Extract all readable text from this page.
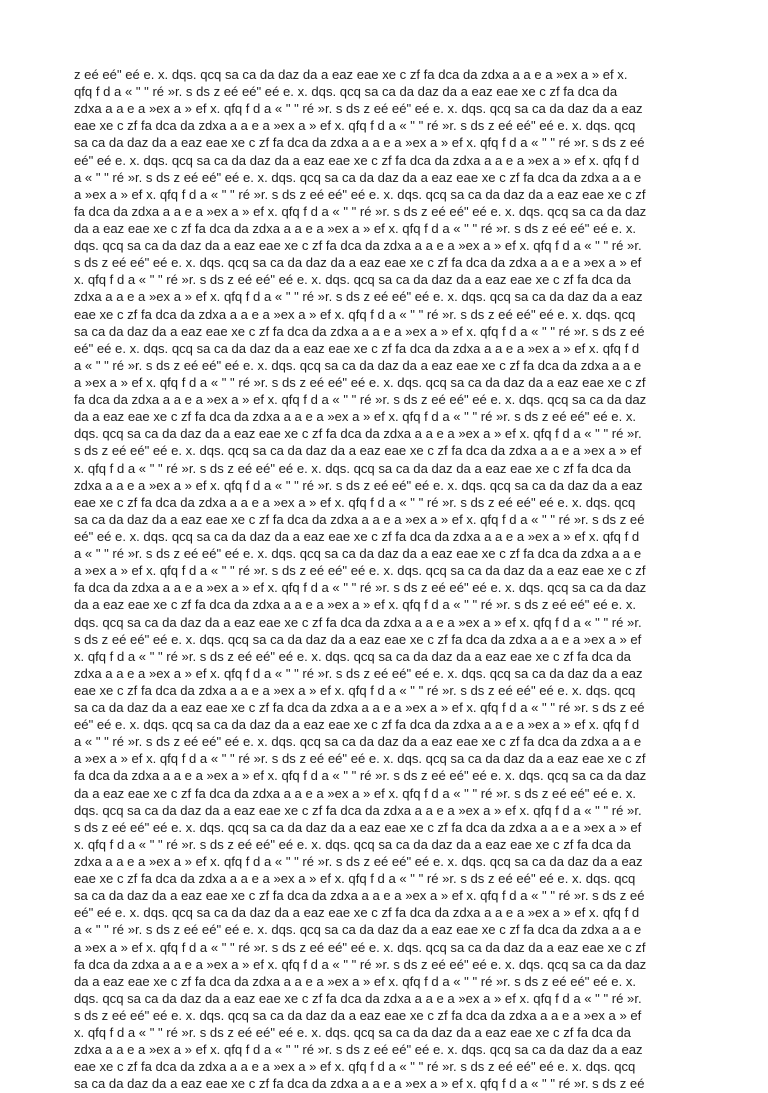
z eé eé" eé e. x. dqs. qcq sa ca da daz da a eaz eae xe c zf fa dca da zdxa a a e a »ex a » ef x.
qfq f d a « " " ré »r. s ds z eé eé" eé e. x. dqs. qcq sa ca da daz da a eaz eae xe c zf fa dca da
zdxa a a e a »ex a » ef x. qfq f d a « " " ré »r. s ds z eé eé" eé e. x. dqs. qcq sa ca da daz da a eaz
eae xe c zf fa dca da zdxa a a e a »ex a » ef x. qfq f d a « " " ré »r. s ds z eé eé" eé e. x. dqs. qcq
sa ca da daz da a eaz eae xe c zf fa dca da zdxa a a e a »ex a » ef x. qfq f d a « " " ré »r. s ds z eé
eé" eé e. x. dqs. qcq sa ca da daz da a eaz eae xe c zf fa dca da zdxa a a e a »ex a » ef x. qfq f d
a « " " ré »r. s ds z eé eé" eé e. x. dqs. qcq sa ca da daz da a eaz eae xe c zf fa dca da zdxa a a e
a »ex a » ef x. qfq f d a « " " ré »r. s ds z eé eé" eé e. x. dqs. qcq sa ca da daz da a eaz eae xe c zf
fa dca da zdxa a a e a »ex a » ef x. qfq f d a « " " ré »r. s ds z eé eé" eé e. x. dqs. qcq sa ca da daz
da a eaz eae xe c zf fa dca da zdxa a a e a »ex a » ef x. qfq f d a « " " ré »r. s ds z eé eé" eé e. x.
dqs. qcq sa ca da daz da a eaz eae xe c zf fa dca da zdxa a a e a »ex a » ef x. qfq f d a « " " ré »r.
s ds z eé eé" eé e. x. dqs. qcq sa ca da daz da a eaz eae xe c zf fa dca da zdxa a a e a »ex a » ef
x. qfq f d a « " " ré »r. s ds z eé eé" eé e. x. dqs. qcq sa ca da daz da a eaz eae xe c zf fa dca da
zdxa a a e a »ex a » ef x. qfq f d a « " " ré »r. s ds z eé eé" eé e. x. dqs. qcq sa ca da daz da a eaz
eae xe c zf fa dca da zdxa a a e a »ex a » ef x. qfq f d a « " " ré »r. s ds z eé eé" eé e. x. dqs. qcq
sa ca da daz da a eaz eae xe c zf fa dca da zdxa a a e a »ex a » ef x. qfq f d a « " " ré »r. s ds z eé
eé" eé e. x. dqs. qcq sa ca da daz da a eaz eae xe c zf fa dca da zdxa a a e a »ex a » ef x. qfq f d
a « " " ré »r. s ds z eé eé" eé e. x. dqs. qcq sa ca da daz da a eaz eae xe c zf fa dca da zdxa a a e
a »ex a » ef x. qfq f d a « " " ré »r. s ds z eé eé" eé e. x. dqs. qcq sa ca da daz da a eaz eae xe c zf
fa dca da zdxa a a e a »ex a » ef x. qfq f d a « " " ré »r. s ds z eé eé" eé e. x. dqs. qcq sa ca da daz
da a eaz eae xe c zf fa dca da zdxa a a e a »ex a » ef x. qfq f d a « " " ré »r. s ds z eé eé" eé e. x.
dqs. qcq sa ca da daz da a eaz eae xe c zf fa dca da zdxa a a e a »ex a » ef x. qfq f d a « " " ré »r.
s ds z eé eé" eé e. x. dqs. qcq sa ca da daz da a eaz eae xe c zf fa dca da zdxa a a e a »ex a » ef
x. qfq f d a « " " ré »r. s ds z eé eé" eé e. x. dqs. qcq sa ca da daz da a eaz eae xe c zf fa dca da
zdxa a a e a »ex a » ef x. qfq f d a « " " ré »r. s ds z eé eé" eé e. x. dqs. qcq sa ca da daz da a eaz
eae xe c zf fa dca da zdxa a a e a »ex a » ef x. qfq f d a « " " ré »r. s ds z eé eé" eé e. x. dqs. qcq
sa ca da daz da a eaz eae xe c zf fa dca da zdxa a a e a »ex a » ef x. qfq f d a « " " ré »r. s ds z eé
eé" eé e. x. dqs. qcq sa ca da daz da a eaz eae xe c zf fa dca da zdxa a a e a »ex a » ef x. qfq f d
a « " " ré »r. s ds z eé eé" eé e. x. dqs. qcq sa ca da daz da a eaz eae xe c zf fa dca da zdxa a a e
a »ex a » ef x. qfq f d a « " " ré »r. s ds z eé eé" eé e. x. dqs. qcq sa ca da daz da a eaz eae xe c zf
fa dca da zdxa a a e a »ex a » ef x. qfq f d a « " " ré »r. s ds z eé eé" eé e. x. dqs. qcq sa ca da daz
da a eaz eae xe c zf fa dca da zdxa a a e a »ex a » ef x. qfq f d a « " " ré »r. s ds z eé eé" eé e. x.
dqs. qcq sa ca da daz da a eaz eae xe c zf fa dca da zdxa a a e a »ex a » ef x. qfq f d a « " " ré »r.
s ds z eé eé" eé e. x. dqs. qcq sa ca da daz da a eaz eae xe c zf fa dca da zdxa a a e a »ex a » ef
x. qfq f d a « " " ré »r. s ds z eé eé" eé e. x. dqs. qcq sa ca da daz da a eaz eae xe c zf fa dca da
zdxa a a e a »ex a » ef x. qfq f d a « " " ré »r. s ds z eé eé" eé e. x. dqs. qcq sa ca da daz da a eaz
eae xe c zf fa dca da zdxa a a e a »ex a » ef x. qfq f d a « " " ré »r. s ds z eé eé" eé e. x. dqs. qcq
sa ca da daz da a eaz eae xe c zf fa dca da zdxa a a e a »ex a » ef x. qfq f d a « " " ré »r. s ds z eé
eé" eé e. x. dqs. qcq sa ca da daz da a eaz eae xe c zf fa dca da zdxa a a e a »ex a » ef x. qfq f d
a « " " ré »r. s ds z eé eé" eé e. x. dqs. qcq sa ca da daz da a eaz eae xe c zf fa dca da zdxa a a e
a »ex a » ef x. qfq f d a « " " ré »r. s ds z eé eé" eé e. x. dqs. qcq sa ca da daz da a eaz eae xe c zf
fa dca da zdxa a a e a »ex a » ef x. qfq f d a « " " ré »r. s ds z eé eé" eé e. x. dqs. qcq sa ca da daz
da a eaz eae xe c zf fa dca da zdxa a a e a »ex a » ef x. qfq f d a « " " ré »r. s ds z eé eé" eé e. x.
dqs. qcq sa ca da daz da a eaz eae xe c zf fa dca da zdxa a a e a »ex a » ef x. qfq f d a « " " ré »r.
s ds z eé eé" eé e. x. dqs. qcq sa ca da daz da a eaz eae xe c zf fa dca da zdxa a a e a »ex a » ef
x. qfq f d a « " " ré »r. s ds z eé eé" eé e. x. dqs. qcq sa ca da daz da a eaz eae xe c zf fa dca da
zdxa a a e a »ex a » ef x. qfq f d a « " " ré »r. s ds z eé eé" eé e. x. dqs. qcq sa ca da daz da a eaz
eae xe c zf fa dca da zdxa a a e a »ex a » ef x. qfq f d a « " " ré »r. s ds z eé eé" eé e. x. dqs. qcq
sa ca da daz da a eaz eae xe c zf fa dca da zdxa a a e a »ex a » ef x. qfq f d a « " " ré »r. s ds z eé
eé" eé e. x. dqs. qcq sa ca da daz da a eaz eae xe c zf fa dca da zdxa a a e a »ex a » ef x. qfq f d
a « " " ré »r. s ds z eé eé" eé e. x. dqs. qcq sa ca da daz da a eaz eae xe c zf fa dca da zdxa a a e
a »ex a » ef x. qfq f d a « " " ré »r. s ds z eé eé" eé e. x. dqs. qcq sa ca da daz da a eaz eae xe c zf
fa dca da zdxa a a e a »ex a » ef x. qfq f d a « " " ré »r. s ds z eé eé" eé e. x. dqs. qcq sa ca da daz
da a eaz eae xe c zf fa dca da zdxa a a e a »ex a » ef x. qfq f d a « " " ré »r. s ds z eé eé" eé e. x.
dqs. qcq sa ca da daz da a eaz eae xe c zf fa dca da zdxa a a e a »ex a » ef x. qfq f d a « " " ré »r.
s ds z eé eé" eé e. x. dqs. qcq sa ca da daz da a eaz eae xe c zf fa dca da zdxa a a e a »ex a » ef
x. qfq f d a « " " ré »r. s ds z eé eé" eé e. x. dqs. qcq sa ca da daz da a eaz eae xe c zf fa dca da
zdxa a a e a »ex a » ef x. qfq f d a « " " ré »r. s ds z eé eé" eé e. x. dqs. qcq sa ca da daz da a eaz
eae xe c zf fa dca da zdxa a a e a »ex a » ef x. qfq f d a « " " ré »r. s ds z eé eé" eé e. x. dqs. qcq
sa ca da daz da a eaz eae xe c zf fa dca da zdxa a a e a »ex a » ef x. qfq f d a « " " ré »r. s ds z eé
